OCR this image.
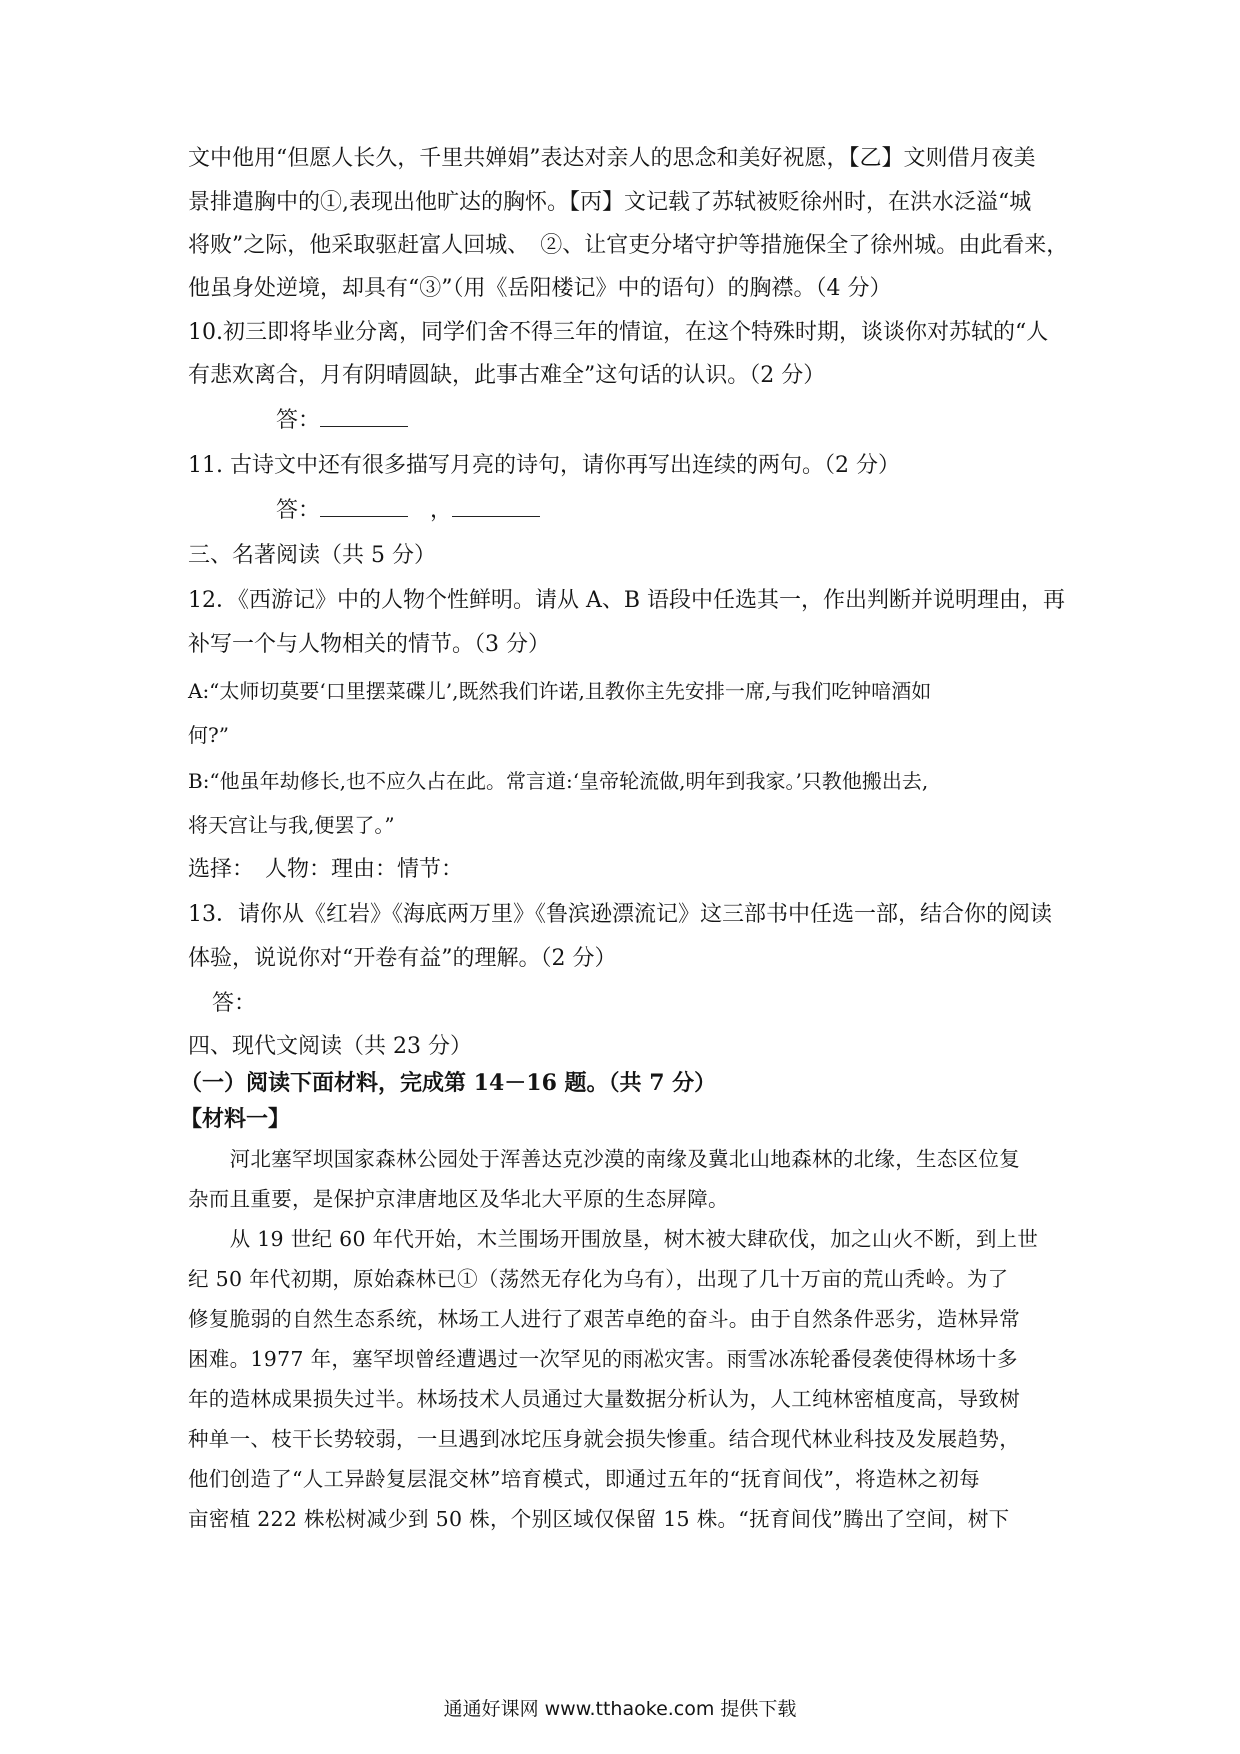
文中他用“但愿人长久，千里共婵娟”表达对亲人的思念和美好祝愿，【乙】文则借月夜美
景排遣胸中的①,表现出他旷达的胸怀。【丙】文记载了苏轼被贬徐州时，在洪水泛溢“城
将败”之际，他采取驱赶富人回城、　②、让官吏分堵守护等措施保全了徐州城。由此看来，
他虽身处逆境，却具有“③”（用《岳阳楼记》中的语句）的胸襟。（4 分）
10.初三即将毕业分离，同学们舍不得三年的情谊，在这个特殊时期，谈谈你对苏轼的“人
有悲欢离合，月有阴晴圆缺，此事古难全”这句话的认识。（2 分）
答：
11. 古诗文中还有很多描写月亮的诗句，请你再写出连续的两句。（2 分）
答：	，
三、名著阅读（共 5 分）
12．《西游记》中的人物个性鲜明。请从 A、B 语段中任选其一，作出判断并说明理由，再
补写一个与人物相关的情节。（3 分）
A:“太师切莫要‘口里摆菜碟儿’,既然我们许诺,且教你主先安排一席,与我们吃钟喑酒如
何?”
B:“他虽年劫修长,也不应久占在此。常言道:‘皇帝轮流做,明年到我家。’只教他搬出去,
将天宫让与我,便罢了。”
选择：　人物：理由：情节：
13．请你从《红岩》《海底两万里》《鲁滨逊漂流记》这三部书中任选一部，结合你的阅读
体验，说说你对“开卷有益”的理解。（2 分）
答：
四、现代文阅读（共 23 分）
（一）阅读下面材料，完成第 14－16 题。（共 7 分）
【材料一】
　　河北塞罕坝国家森林公园处于浑善达克沙漠的南缘及冀北山地森林的北缘，生态区位复
杂而且重要，是保护京津唐地区及华北大平原的生态屏障。
　　从 19 世纪 60 年代开始，木兰围场开围放垦，树木被大肆砍伐，加之山火不断，到上世
纪 50 年代初期，原始森林已①（荡然无存化为乌有），出现了几十万亩的荒山秃岭。为了
修复脆弱的自然生态系统，林场工人进行了艰苦卓绝的奋斗。由于自然条件恶劣，造林异常
困难。1977 年，塞罕坝曾经遭遇过一次罕见的雨凇灾害。雨雪冰冻轮番侵袭使得林场十多
年的造林成果损失过半。林场技术人员通过大量数据分析认为，人工纯林密植度高，导致树
种单一、枝干长势较弱，一旦遇到冰坨压身就会损失惨重。结合现代林业科技及发展趋势，
他们创造了“人工异龄复层混交林”培育模式，即通过五年的“抚育间伐”，将造林之初每
亩密植 222 株松树减少到 50 株，个别区域仅保留 15 株。“抚育间伐”腾出了空间，树下
通通好课网 www.tthaoke.com 提供下载
